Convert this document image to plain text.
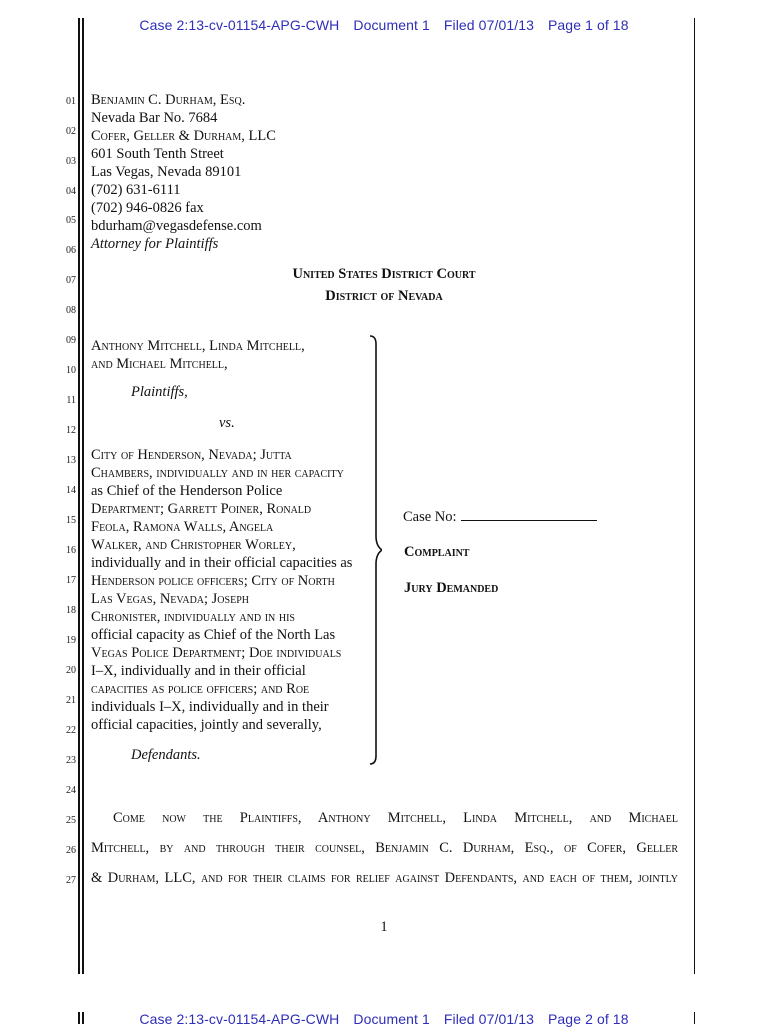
Case 2:13-cv-01154-APG-CWH Document 1 Filed 07/01/13 Page 1 of 18
01
02
03
04
05
06
07
08
09
10
11
12
13
14
15
16
17
18
19
20
21
22
23
24
25
26
27
Benjamin C. Durham, Esq.
Nevada Bar No. 7684
Cofer, Geller & Durham, LLC
601 South Tenth Street
Las Vegas, Nevada 89101
(702) 631-6111
(702) 946-0826 fax
bdurham@vegasdefense.com
Attorney for Plaintiffs
United States District Court
District of Nevada
Anthony Mitchell, Linda Mitchell,
and Michael Mitchell,
Plaintiffs,
vs.
City of Henderson, Nevada; Jutta
Chambers, individually and in her capacity
as Chief of the Henderson Police
Department; Garrett Poiner, Ronald
Feola, Ramona Walls, Angela
Walker, and Christopher Worley,
individually and in their official capacities as
Henderson police officers; City of North
Las Vegas, Nevada; Joseph
Chronister, individually and in his
official capacity as Chief of the North Las
Vegas Police Department; Doe individuals
I–X, individually and in their official
capacities as police officers; and Roe
individuals I–X, individually and in their
official capacities, jointly and severally,
Defendants.
Case No:
Complaint
Jury Demanded
Come now the Plaintiffs, Anthony Mitchell, Linda Mitchell, and Michael
Mitchell, by and through their counsel, Benjamin C. Durham, Esq., of Cofer, Geller
& Durham, LLC, and for their claims for relief against Defendants, and each of them, jointly
1
Case 2:13-cv-01154-APG-CWH Document 1 Filed 07/01/13 Page 2 of 18
